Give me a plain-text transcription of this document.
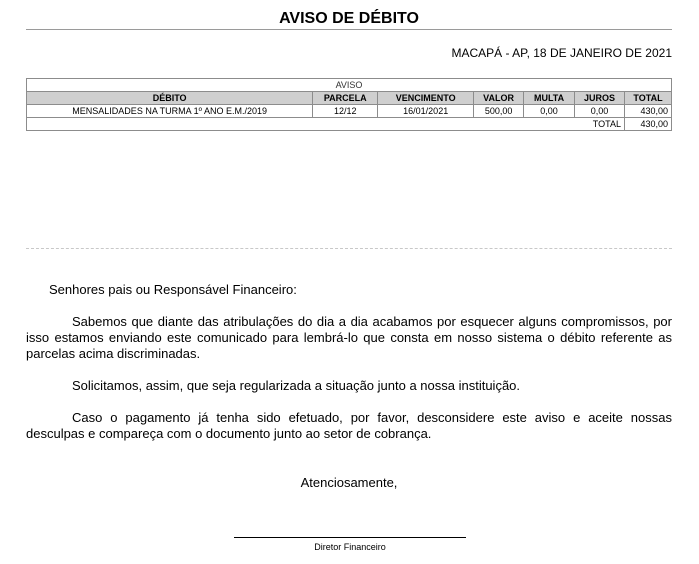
AVISO DE DÉBITO
MACAPÁ - AP, 18 DE JANEIRO DE 2021
AVISO						
DÉBITO	PARCELA	VENCIMENTO	VALOR	MULTA	JUROS	TOTAL
MENSALIDADES NA TURMA 1º ANO E.M./2019	12/12	16/01/2021	500,00	0,00	0,00	430,00
TOTAL						430,00

Senhores pais ou Responsável Financeiro:

Sabemos que diante das atribulações do dia a dia acabamos por esquecer alguns compromissos, por isso estamos enviando este comunicado para lembrá-lo que consta em nosso sistema o débito referente as parcelas acima discriminadas.

Solicitamos, assim, que seja regularizada a situação junto a nossa instituição.

Caso o pagamento já tenha sido efetuado, por favor, desconsidere este aviso e aceite nossas desculpas e compareça com o documento junto ao setor de cobrança.

Atenciosamente,
Diretor Financeiro
